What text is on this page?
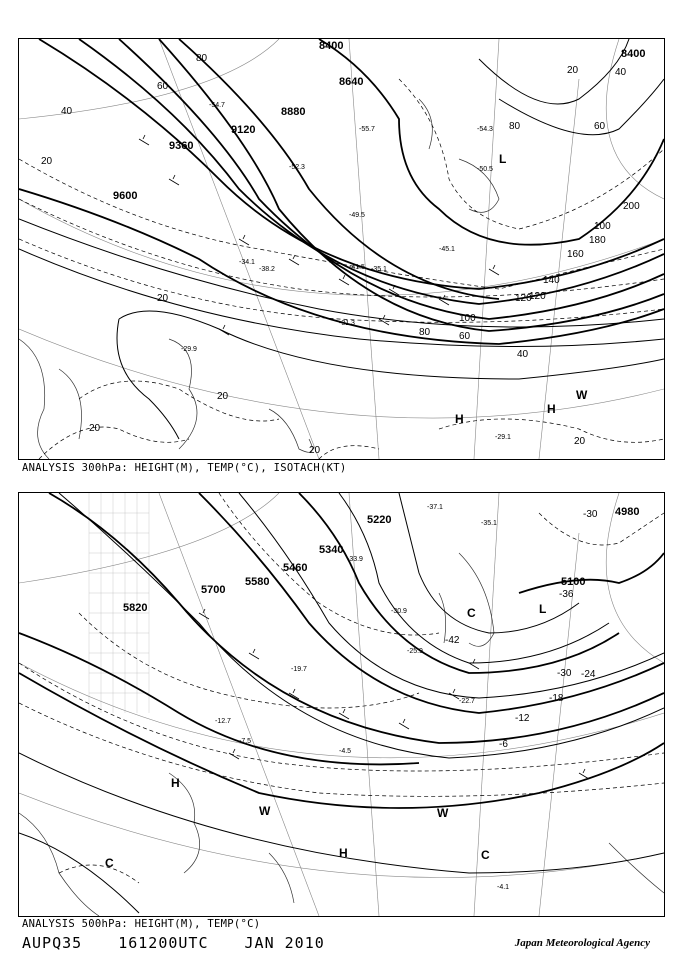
8400
8640
8880
9120
9360
9600
8400
20
40
60
80
100
120
140
160
180
200
60
80
100
120
40
20
20
20
20
20
20	40
60
80
-54.7
-52.3
-49.5
-45.1
-41.5
-38.2	-35.1
-31.3
-29.9
-34.1
-55.7
-50.5
-54.3
-29.1
L
H
H
W
ANALYSIS 300hPa: HEIGHT(M), TEMP(°C), ISOTACH(KT)
5220
5340
5460
5580
5700
5820
5100
4980
-36
-30
-24
-18
-12
-6
-30
-42
-37.1
-35.1
-33.9
-30.9
-25.9
-22.7
-19.7
-12.7
-7.5
-4.5
-4.1
L
C
H
H
W	W
C
C
ANALYSIS 500hPa: HEIGHT(M), TEMP(°C)
AUPQ35 161200UTC JAN 2010	Japan Meteorological Agency
